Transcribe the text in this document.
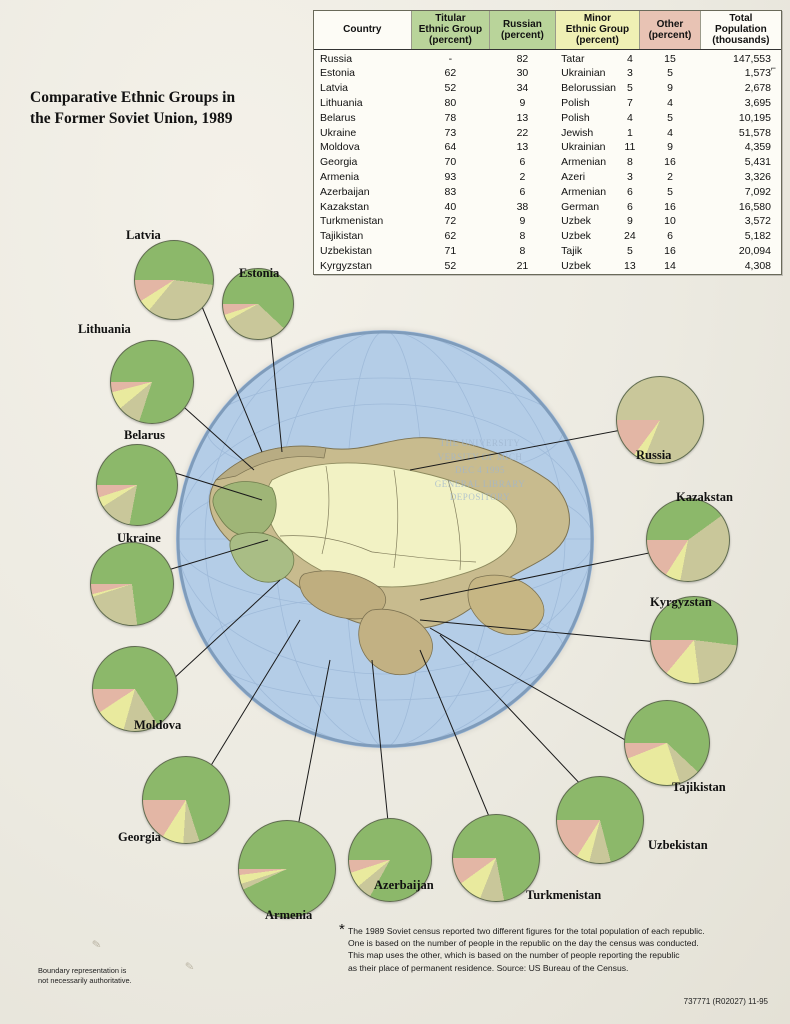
Comparative Ethnic Groups in
the Former Soviet Union, 1989
⌐
Country	
Titular
Ethnic Group
(percent)

Russian
(percent)

Minor
Ethnic Group
(percent)

Other
(percent)

Total
Population
(thousands)

Russia	-	82	Tatar	4	15	147,553
Estonia	62	30	Ukrainian	3	5	1,573
Latvia	52	34	Belorussian	5	9	2,678
Lithuania	80	9	Polish	7	4	3,695
Belarus	78	13	Polish	4	5	10,195
Ukraine	73	22	Jewish	1	4	51,578
Moldova	64	13	Ukrainian	11	9	4,359
Georgia	70	6	Armenian	8	16	5,431
Armenia	93	2	Azeri	3	2	3,326
Azerbaijan	83	6	Armenian	6	5	7,092
Kazakstan	40	38	German	6	16	16,580
Turkmenistan	72	9	Uzbek	9	10	3,572
Tajikistan	62	8	Uzbek	24	6	5,182
Uzbekistan	71	8	Tajik	5	16	20,094
Kyrgyzstan	52	21	Uzbek	13	14	4,308
THE UNIVERSITY
VERSITY OF MICH
DEC 4 1995
GENERAL LIBRARY
DEPOSITORY
Latvia
Estonia
Lithuania
Belarus
Ukraine
Moldova
Georgia
Armenia
Azerbaijan
Turkmenistan
Uzbekistan
Tajikistan
Kyrgyzstan
Kazakstan
Russia
* The 1989 Soviet census reported two different figures for the total population of each republic.
One is based on the number of people in the republic on the day the census was conducted.
This map uses the other, which is based on the number of people reporting the republic
as their place of permanent residence. Source: US Bureau of the Census.
Boundary representation is
not necessarily authoritative.
737771 (R02027) 11-95
✎
✎
